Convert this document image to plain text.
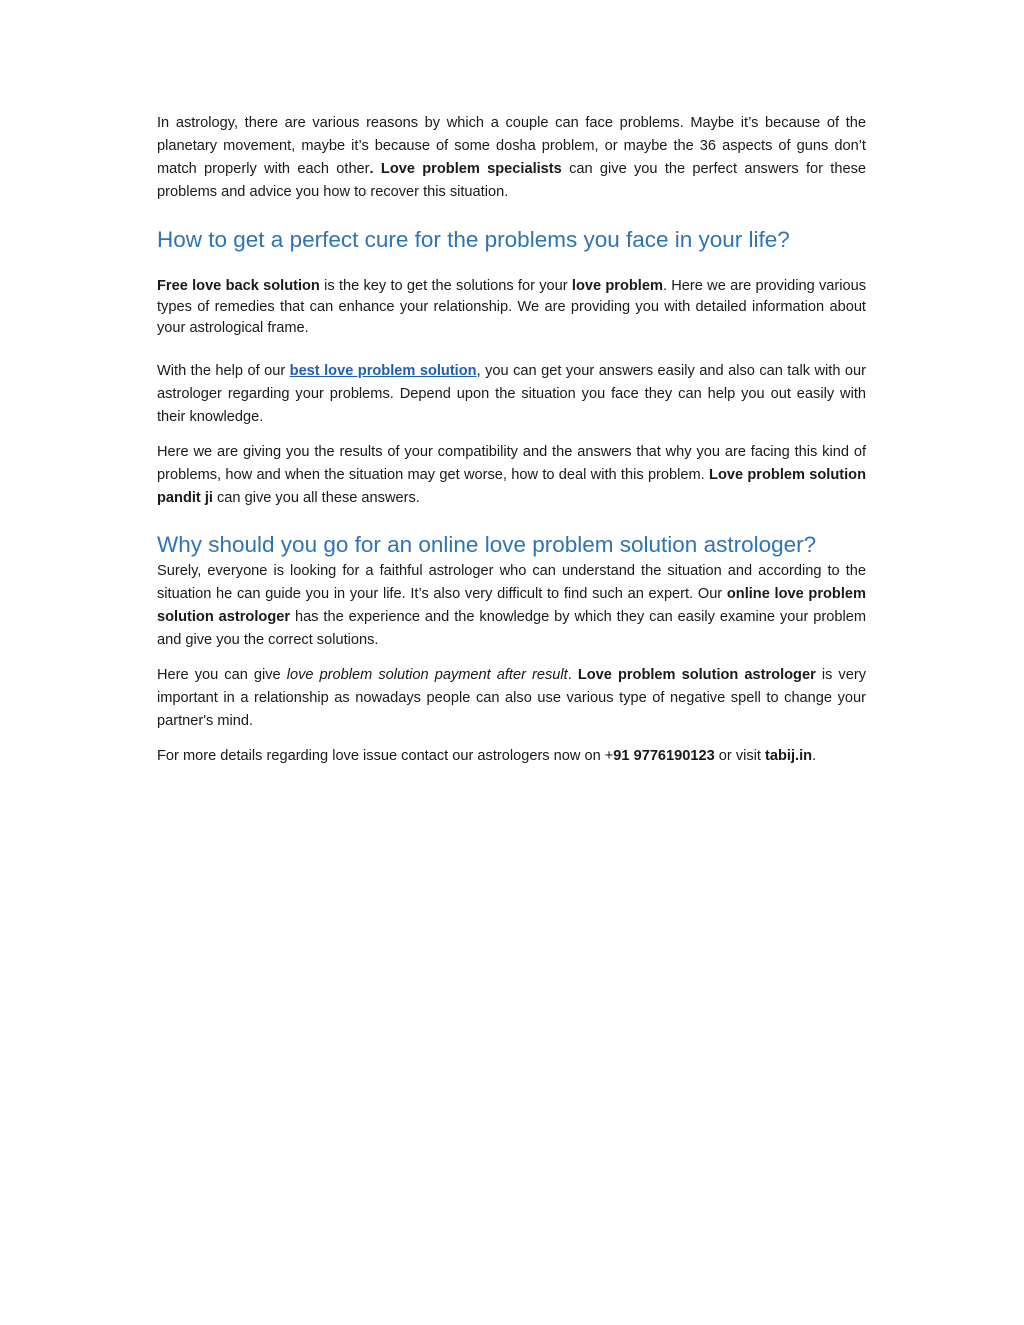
In astrology, there are various reasons by which a couple can face problems. Maybe it’s because of the planetary movement, maybe it’s because of some dosha problem, or maybe the 36 aspects of guns don’t match properly with each other. Love problem specialists can give you the perfect answers for these problems and advice you how to recover this situation.

How to get a perfect cure for the problems you face in your life?

Free love back solution is the key to get the solutions for your love problem. Here we are providing various types of remedies that can enhance your relationship. We are providing you with detailed information about your astrological frame.

With the help of our best love problem solution, you can get your answers easily and also can talk with our astrologer regarding your problems. Depend upon the situation you face they can help you out easily with their knowledge.

Here we are giving you the results of your compatibility and the answers that why you are facing this kind of problems, how and when the situation may get worse, how to deal with this problem. Love problem solution pandit ji can give you all these answers.

Why should you go for an online love problem solution astrologer?

Surely, everyone is looking for a faithful astrologer who can understand the situation and according to the situation he can guide you in your life. It’s also very difficult to find such an expert. Our online love problem solution astrologer has the experience and the knowledge by which they can easily examine your problem and give you the correct solutions.

Here you can give love problem solution payment after result. Love problem solution astrologer is very important in a relationship as nowadays people can also use various type of negative spell to change your partner's mind.

For more details regarding love issue contact our astrologers now on +91 9776190123 or visit tabij.in.
